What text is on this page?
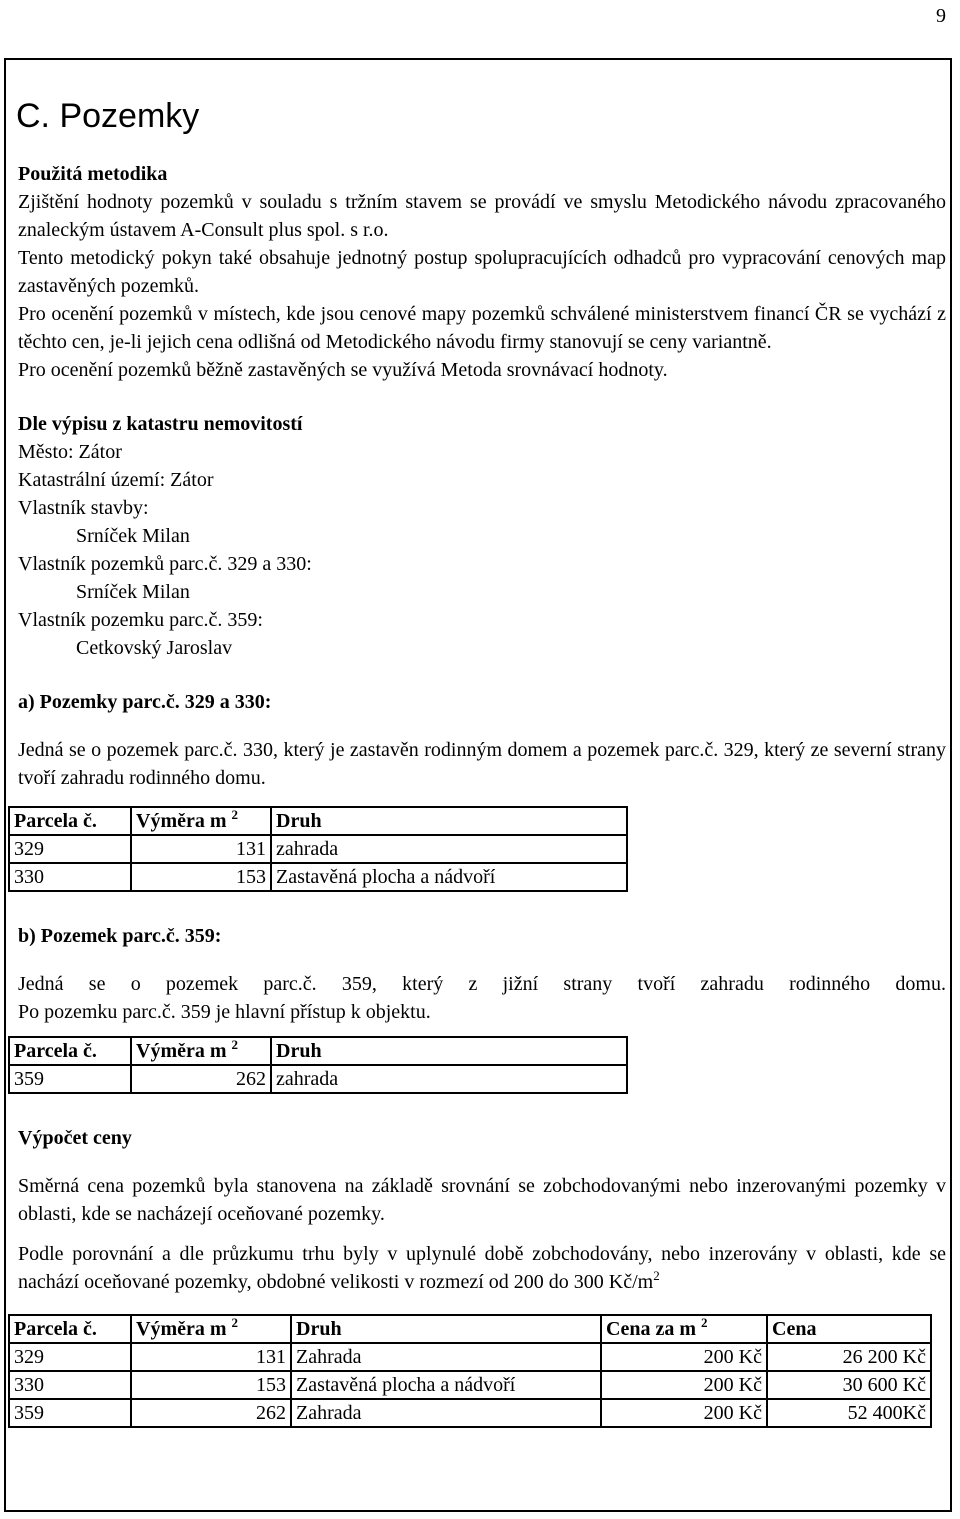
9
C. Pozemky

Použitá metodika

Zjištění hodnoty pozemků v souladu s tržním stavem se provádí ve smyslu Metodického návodu zpracovaného znaleckým ústavem A-Consult plus spol. s r.o.

Tento metodický pokyn také obsahuje jednotný postup spolupracujících odhadců pro vypracování cenových map zastavěných pozemků.

Pro ocenění pozemků v místech, kde jsou cenové mapy pozemků schválené ministerstvem financí ČR se vychází z těchto cen, je-li jejich cena odlišná od Metodického návodu firmy stanovují se ceny variantně.

Pro ocenění pozemků běžně zastavěných se využívá Metoda srovnávací hodnoty.

Dle výpisu z katastru nemovitostí

Město: Zátor

Katastrální území: Zátor

Vlastník stavby:

Srníček Milan

Vlastník pozemků parc.č. 329 a 330:

Srníček Milan

Vlastník pozemku parc.č. 359:

Cetkovský Jaroslav

a) Pozemky parc.č. 329 a 330:

Jedná se o pozemek parc.č. 330, který je zastavěn rodinným domem a pozemek parc.č. 329, který ze severní strany tvoří zahradu rodinného domu.

Parcela č.	Výměra m $^2$	Druh
329	131	zahrada
330	153	Zastavěná plocha a nádvoří

b) Pozemek parc.č. 359:

Jedná se o pozemek parc.č. 359, který z jižní strany tvoří zahradu rodinného domu.

Po pozemku parc.č. 359 je hlavní přístup k objektu.

Parcela č.	Výměra m $^2$	Druh
359	262	zahrada

Výpočet ceny

Směrná cena pozemků byla stanovena na základě srovnání se zobchodovanými nebo inzerovanými pozemky v oblasti, kde se nacházejí oceňované pozemky.

Podle porovnání a dle průzkumu trhu byly v uplynulé době zobchodovány, nebo inzerovány v oblasti, kde se nachází oceňované pozemky, obdobné velikosti v rozmezí od 200 do 300 $Kč/m^2$

Parcela č.	Výměra m $^2$	Druh	Cena za m $^2$	Cena
329	131	Zahrada	200 Kč	26 200 Kč
330	153	Zastavěná plocha a nádvoří	200 Kč	30 600 Kč
359	262	Zahrada	200 Kč	52 400Kč
